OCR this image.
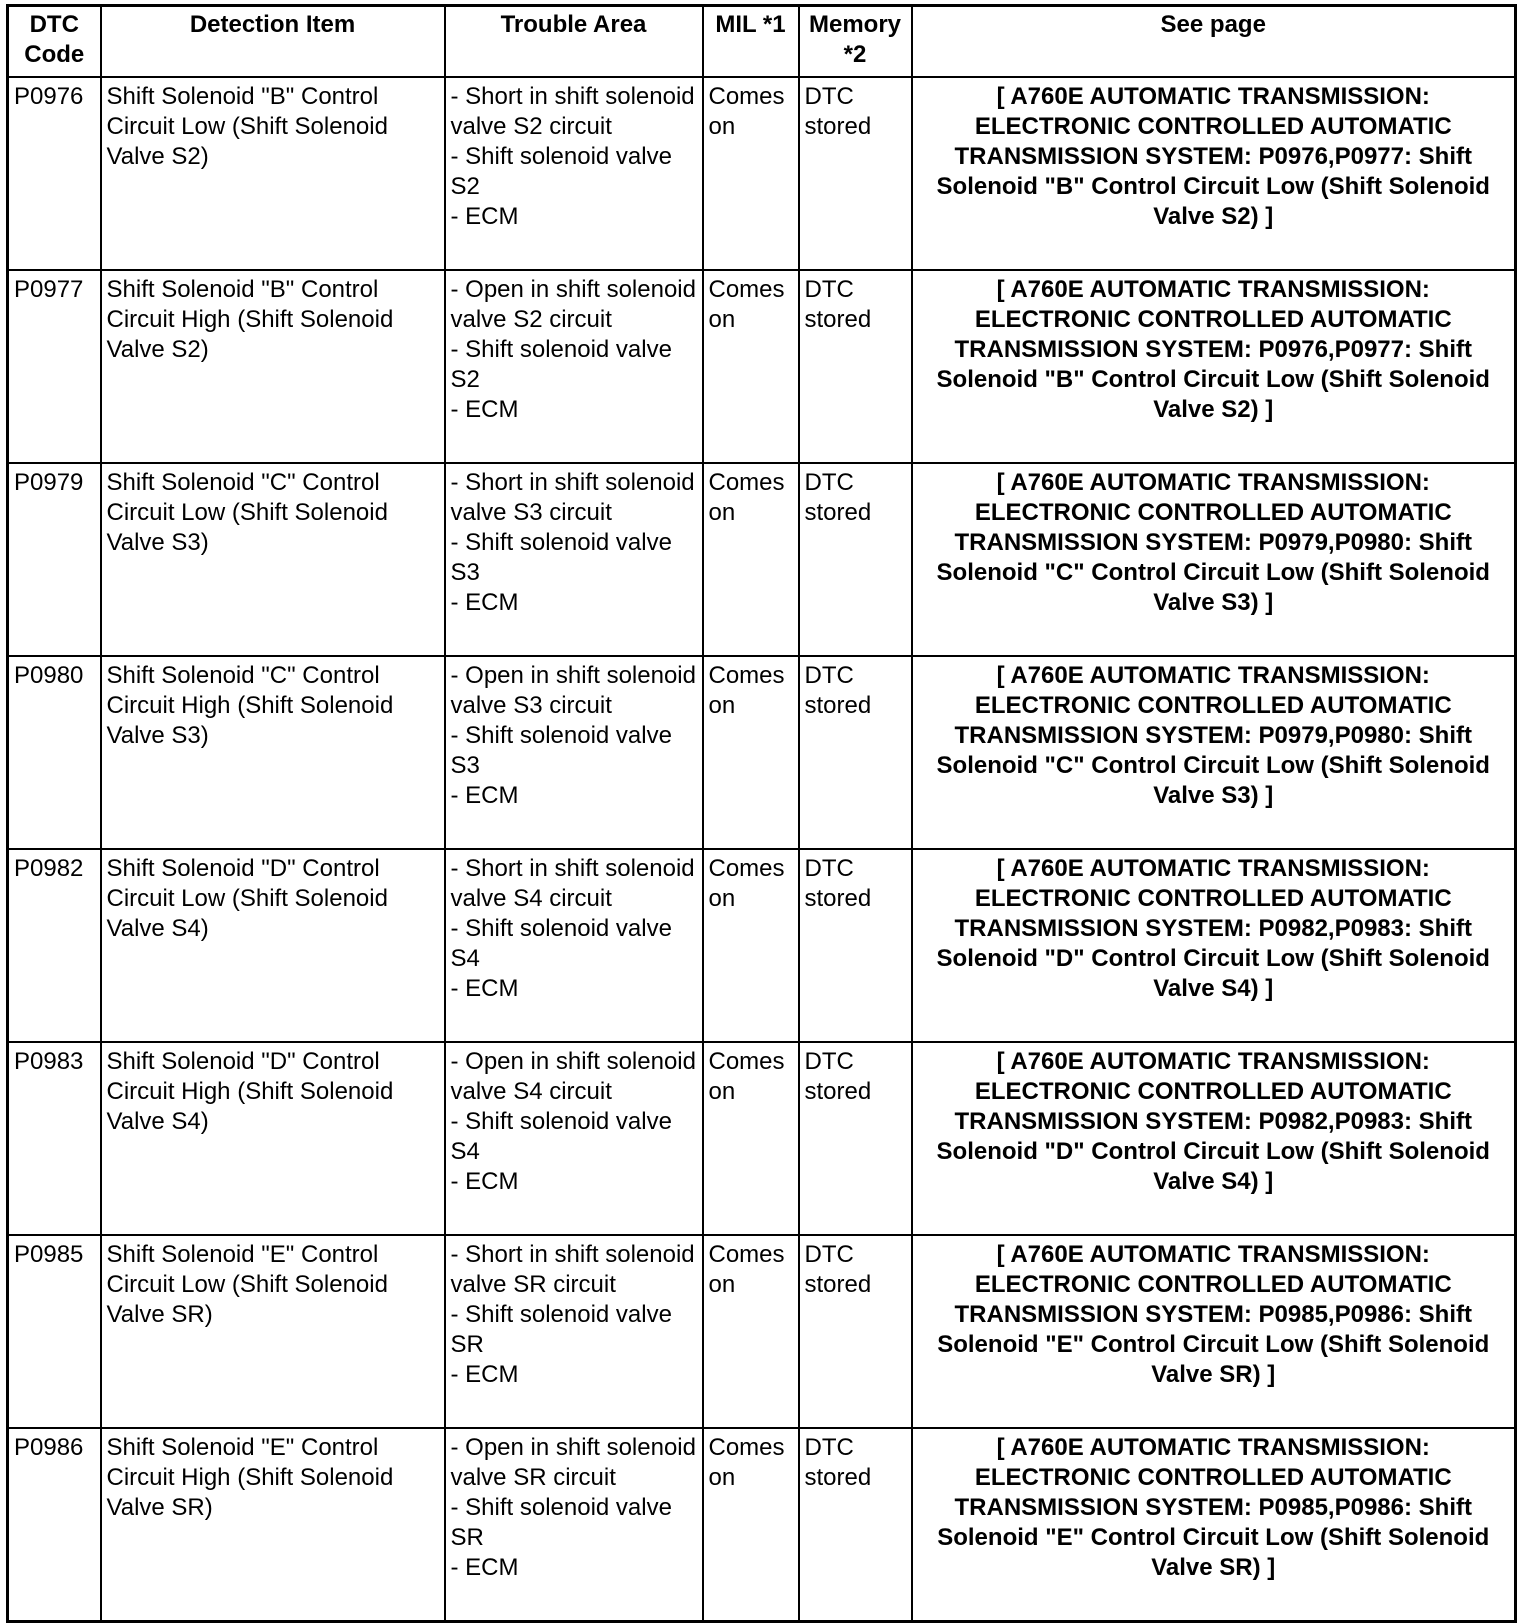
DTC Code	Detection Item	Trouble Area	MIL *1	Memory *2	See page
P0976	Shift Solenoid "B" Control Circuit Low (Shift Solenoid Valve S2)	- Short in shift solenoid valve S2 circuit
- Shift solenoid valve S2
- ECM	Comes on	DTC stored	[ A760E AUTOMATIC TRANSMISSION: ELECTRONIC CONTROLLED AUTOMATIC TRANSMISSION SYSTEM: P0976,P0977: Shift Solenoid "B" Control Circuit Low (Shift Solenoid Valve S2) ]
P0977	Shift Solenoid "B" Control Circuit High (Shift Solenoid Valve S2)	- Open in shift solenoid valve S2 circuit
- Shift solenoid valve S2
- ECM	Comes on	DTC stored	[ A760E AUTOMATIC TRANSMISSION: ELECTRONIC CONTROLLED AUTOMATIC TRANSMISSION SYSTEM: P0976,P0977: Shift Solenoid "B" Control Circuit Low (Shift Solenoid Valve S2) ]
P0979	Shift Solenoid "C" Control Circuit Low (Shift Solenoid Valve S3)	- Short in shift solenoid valve S3 circuit
- Shift solenoid valve S3
- ECM	Comes on	DTC stored	[ A760E AUTOMATIC TRANSMISSION: ELECTRONIC CONTROLLED AUTOMATIC TRANSMISSION SYSTEM: P0979,P0980: Shift Solenoid "C" Control Circuit Low (Shift Solenoid Valve S3) ]
P0980	Shift Solenoid "C" Control Circuit High (Shift Solenoid Valve S3)	- Open in shift solenoid valve S3 circuit
- Shift solenoid valve S3
- ECM	Comes on	DTC stored	[ A760E AUTOMATIC TRANSMISSION: ELECTRONIC CONTROLLED AUTOMATIC TRANSMISSION SYSTEM: P0979,P0980: Shift Solenoid "C" Control Circuit Low (Shift Solenoid Valve S3) ]
P0982	Shift Solenoid "D" Control Circuit Low (Shift Solenoid Valve S4)	- Short in shift solenoid valve S4 circuit
- Shift solenoid valve S4
- ECM	Comes on	DTC stored	[ A760E AUTOMATIC TRANSMISSION: ELECTRONIC CONTROLLED AUTOMATIC TRANSMISSION SYSTEM: P0982,P0983: Shift Solenoid "D" Control Circuit Low (Shift Solenoid Valve S4) ]
P0983	Shift Solenoid "D" Control Circuit High (Shift Solenoid Valve S4)	- Open in shift solenoid valve S4 circuit
- Shift solenoid valve S4
- ECM	Comes on	DTC stored	[ A760E AUTOMATIC TRANSMISSION: ELECTRONIC CONTROLLED AUTOMATIC TRANSMISSION SYSTEM: P0982,P0983: Shift Solenoid "D" Control Circuit Low (Shift Solenoid Valve S4) ]
P0985	Shift Solenoid "E" Control Circuit Low (Shift Solenoid Valve SR)	- Short in shift solenoid valve SR circuit
- Shift solenoid valve SR
- ECM	Comes on	DTC stored	[ A760E AUTOMATIC TRANSMISSION: ELECTRONIC CONTROLLED AUTOMATIC TRANSMISSION SYSTEM: P0985,P0986: Shift Solenoid "E" Control Circuit Low (Shift Solenoid Valve SR) ]
P0986	Shift Solenoid "E" Control Circuit High (Shift Solenoid Valve SR)	- Open in shift solenoid valve SR circuit
- Shift solenoid valve SR
- ECM	Comes on	DTC stored	[ A760E AUTOMATIC TRANSMISSION: ELECTRONIC CONTROLLED AUTOMATIC TRANSMISSION SYSTEM: P0985,P0986: Shift Solenoid "E" Control Circuit Low (Shift Solenoid Valve SR) ]
